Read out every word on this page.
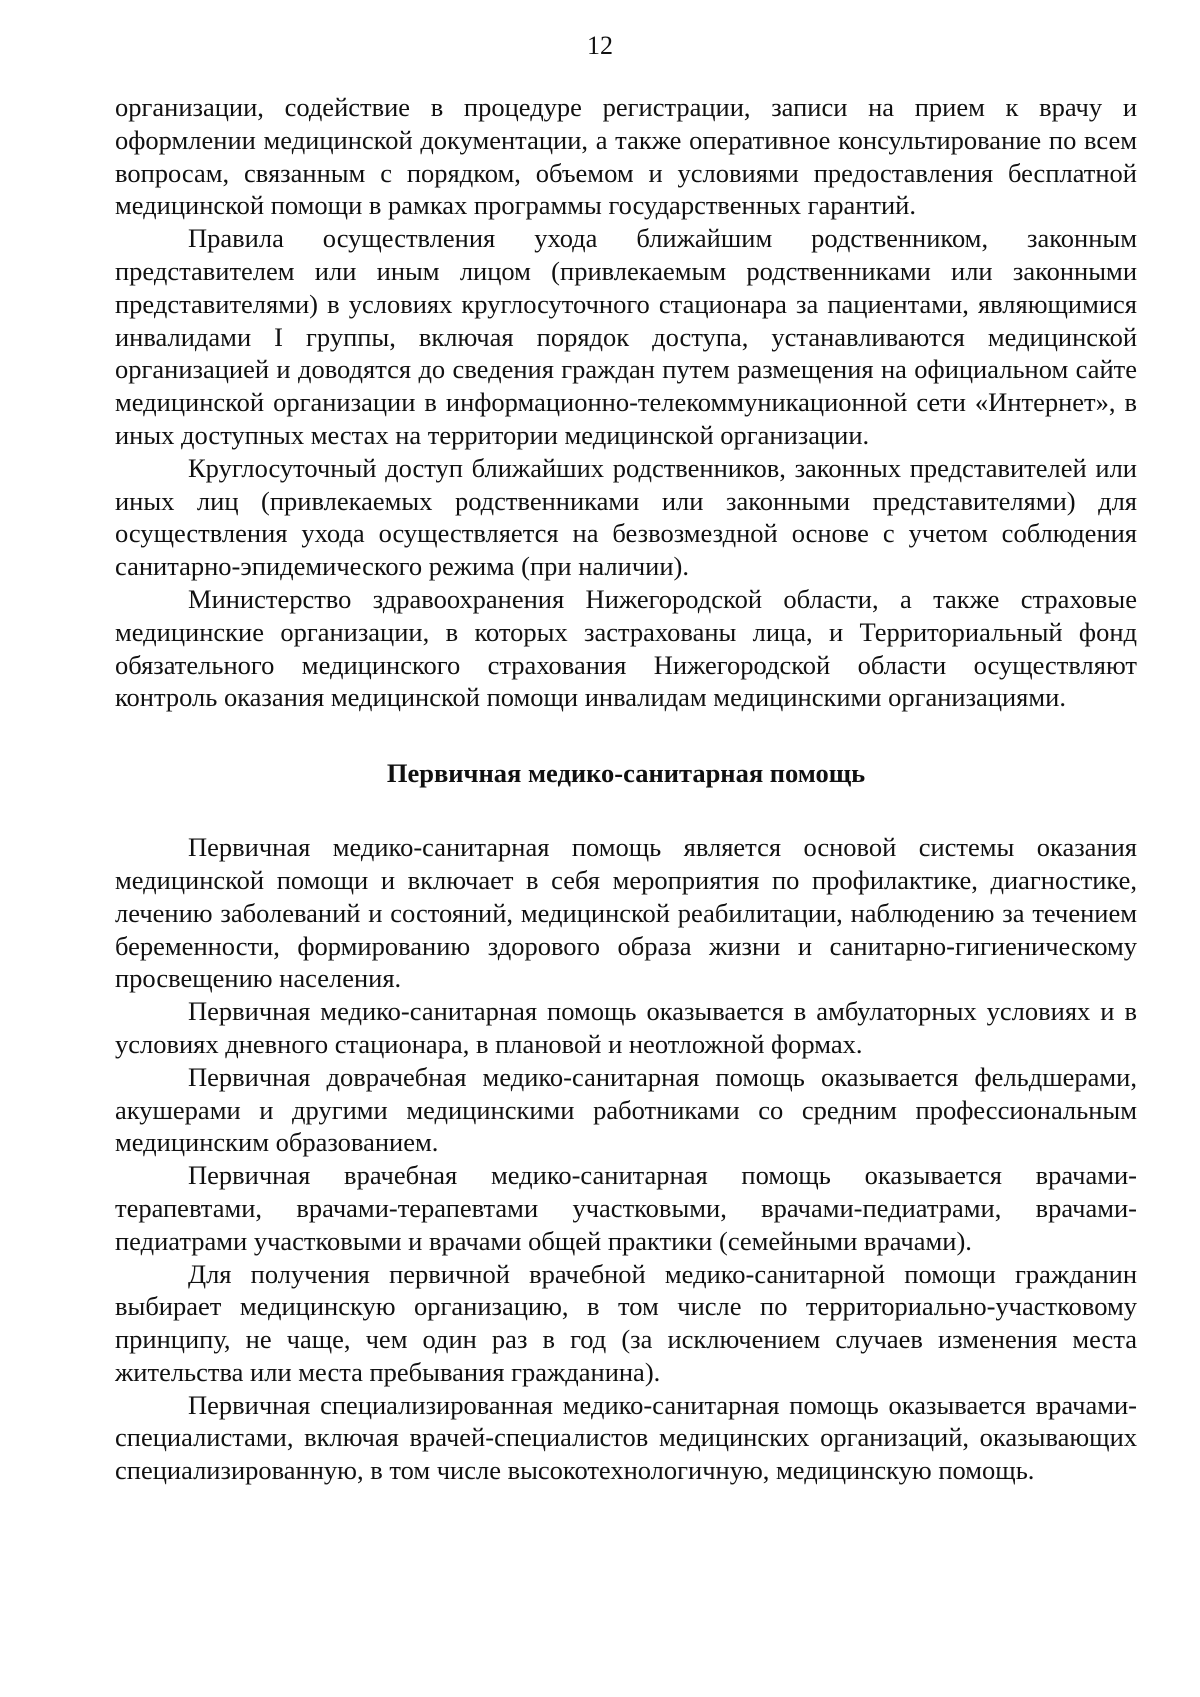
12

организации, содействие в процедуре регистрации, записи на прием к врачу и оформлении медицинской документации, а также оперативное консультирование по всем вопросам, связанным с порядком, объемом и условиями предоставления бесплатной медицинской помощи в рамках программы государственных гарантий.

Правила осуществления ухода ближайшим родственником, законным представителем или иным лицом (привлекаемым родственниками или законными представителями) в условиях круглосуточного стационара за пациентами, являющимися инвалидами I группы, включая порядок доступа, устанавливаются медицинской организацией и доводятся до сведения граждан путем размещения на официальном сайте медицинской организации в информационно-телекоммуникационной сети «Интернет», в иных доступных местах на территории медицинской организации.

Круглосуточный доступ ближайших родственников, законных представителей или иных лиц (привлекаемых родственниками или законными представителями) для осуществления ухода осуществляется на безвозмездной основе с учетом соблюдения санитарно-эпидемического режима (при наличии).

Министерство здравоохранения Нижегородской области, а также страховые медицинские организации, в которых застрахованы лица, и Территориальный фонд обязательного медицинского страхования Нижегородской области осуществляют контроль оказания медицинской помощи инвалидам медицинскими организациями.

Первичная медико-санитарная помощь

Первичная медико-санитарная помощь является основой системы оказания медицинской помощи и включает в себя мероприятия по профилактике, диагностике, лечению заболеваний и состояний, медицинской реабилитации, наблюдению за течением беременности, формированию здорового образа жизни и санитарно-гигиеническому просвещению населения.

Первичная медико-санитарная помощь оказывается в амбулаторных условиях и в условиях дневного стационара, в плановой и неотложной формах.

Первичная доврачебная медико-санитарная помощь оказывается фельдшерами, акушерами и другими медицинскими работниками со средним профессиональным медицинским образованием.

Первичная врачебная медико-санитарная помощь оказывается врачами-терапевтами, врачами-терапевтами участковыми, врачами-педиатрами, врачами-педиатрами участковыми и врачами общей практики (семейными врачами).

Для получения первичной врачебной медико-санитарной помощи гражданин выбирает медицинскую организацию, в том числе по территориально-участковому принципу, не чаще, чем один раз в год (за исключением случаев изменения места жительства или места пребывания гражданина).

Первичная специализированная медико-санитарная помощь оказывается врачами-специалистами, включая врачей-специалистов медицинских организаций, оказывающих специализированную, в том числе высокотехнологичную, медицинскую помощь.
